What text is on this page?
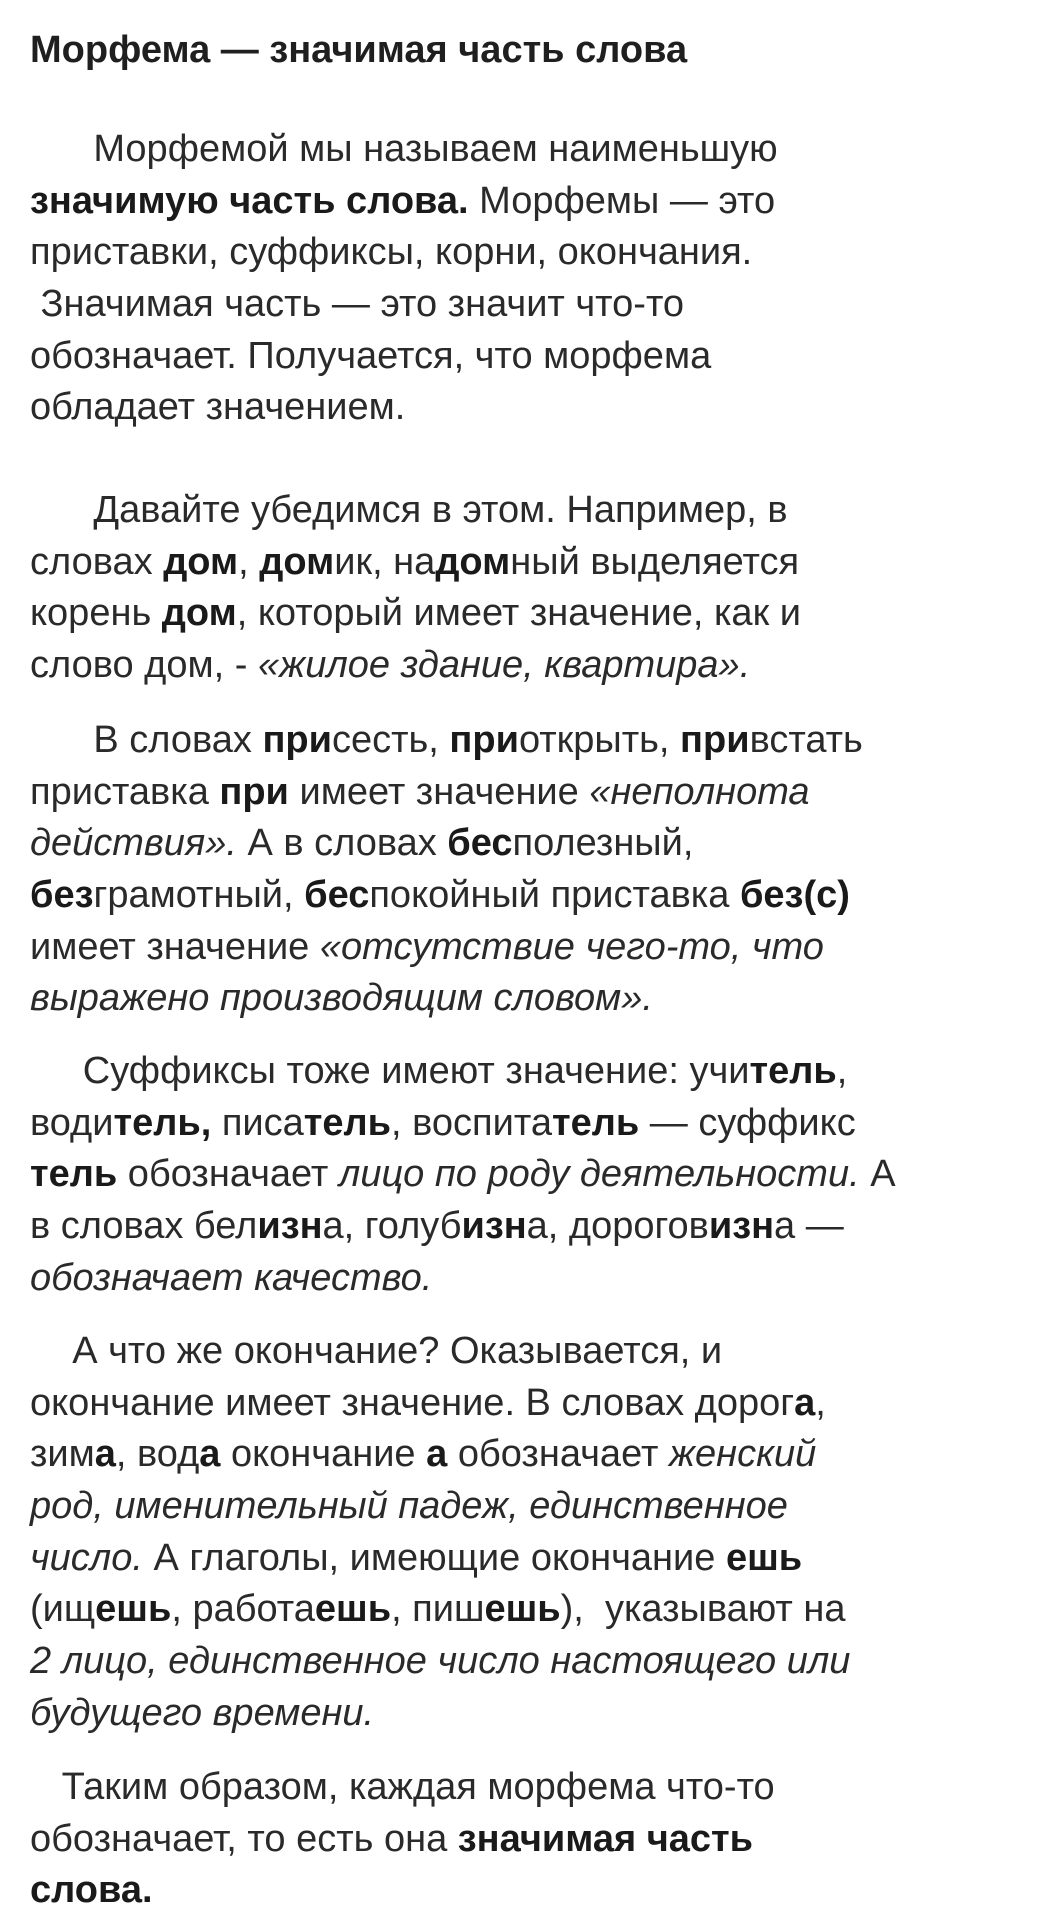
Морфема — значимая часть слова

Морфемой мы называем наименьшую
значимую часть слова. Морфемы — это
приставки, суффиксы, корни, окончания.
Значимая часть — это значит что-то
обозначает. Получается, что морфема
обладает значением.

Давайте убедимся в этом. Например, в
словах дом, домик, надомный выделяется
корень дом, который имеет значение, как и
слово дом, - «жилое здание, квартира».

В словах присесть, приоткрыть, привстать
приставка при имеет значение «неполнота
действия». А в словах бесполезный,
безграмотный, беспокойный приставка без(с)
имеет значение «отсутствие чего-то, что
выражено производящим словом».

Суффиксы тоже имеют значение: учитель,
водитель, писатель, воспитатель — суффикс
тель обозначает лицо по роду деятельности. А
в словах белизна, голубизна, дороговизна —
обозначает качество.

А что же окончание? Оказывается, и
окончание имеет значение. В словах дорога,
зима, вода окончание а обозначает женский
род, именительный падеж, единственное
число. А глаголы, имеющие окончание ешь
(ищешь, работаешь, пишешь),  указывают на
2 лицо, единственное число настоящего или
будущего времени.

Таким образом, каждая морфема что-то
обозначает, то есть она значимая часть
слова.
